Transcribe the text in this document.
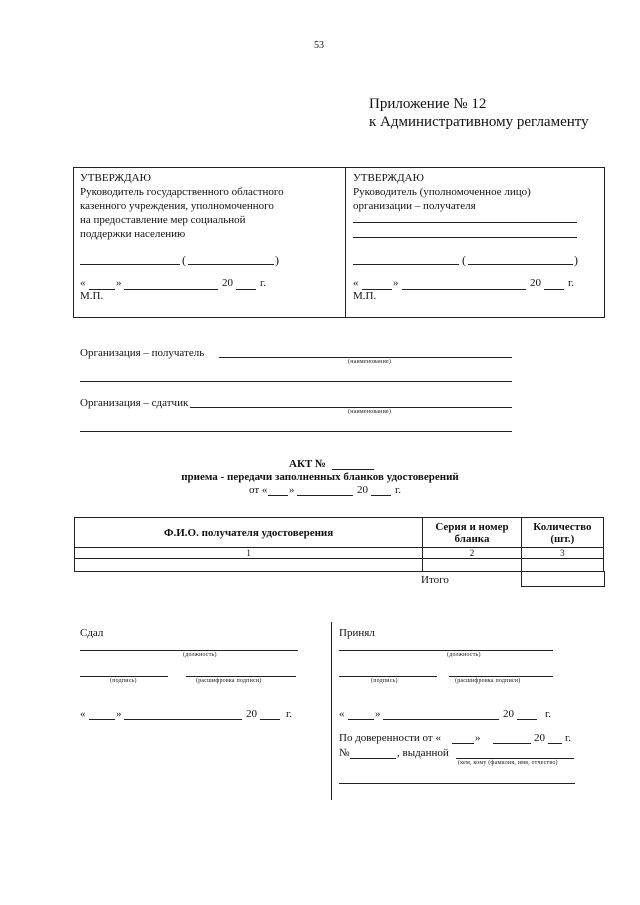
53
Приложение № 12
к Административному регламенту
УТВЕРЖДАЮ
Руководитель государственного областного
казенного учреждения, уполномоченного
на предоставление мер социальной
поддержки населению
(	)
«	»	20 г.
М.П.
УТВЕРЖДАЮ
Руководитель (уполномоченное лицо)
организации – получателя
(	)
«	»	20 г.
М.П.
Организация – получатель
(наименование)
Организация – сдатчик
(наименование)
АКТ №
приема - передачи заполненных бланков удостоверений
от « »	20 г.
Ф.И.О. получателя удостоверения	Серия и номер бланка	Количество (шт.)
1	2	3

Итого
Сдал
(должность)
(подпись)	(расшифровка подписи)
«	»	20	г.
Принял
(должность)
(подпись)	(расшифровка подписи)
«	»	20	г.
По доверенности от «	»	20 г.
№	, выданной
(кем, кому (фамилия, имя, отчество)
